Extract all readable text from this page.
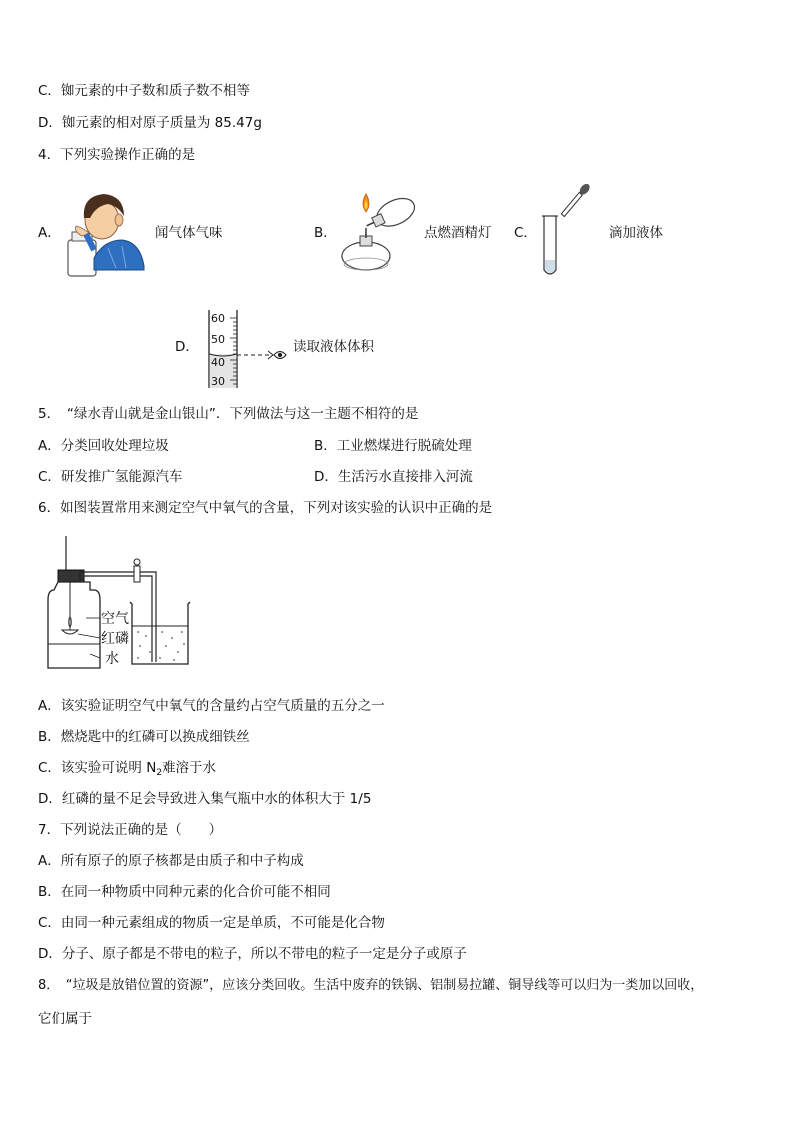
C．铷元素的中子数和质子数不相等
D．铷元素的相对原子质量为 85.47g
4．下列实验操作正确的是
A．	闻气体气味	B．	点燃酒精灯 C．	滴加液体
D．
60
50
40
30
读取液体体积
5．　“绿水青山就是金山银山”．下列做法与这一主题不相符的是
A．分类回收处理垃圾	B．工业燃煤进行脱硫处理
C．研发推广氢能源汽车	D．生活污水直接排入河流
6．如图装置常用来测定空气中氧气的含量，下列对该实验的认识中正确的是
空气
红磷
水
A．该实验证明空气中氧气的含量约占空气质量的五分之一
B．燃烧匙中的红磷可以换成细铁丝
C．该实验可说明 $N_2$难溶于水
D．红磷的量不足会导致进入集气瓶中水的体积大于 1/5
7．下列说法正确的是（　　）
A．所有原子的原子核都是由质子和中子构成
B．在同一种物质中同种元素的化合价可能不相同
C．由同一种元素组成的物质一定是单质，不可能是化合物
D．分子、原子都是不带电的粒子，所以不带电的粒子一定是分子或原子
8．　“垃圾是放错位置的资源”，应该分类回收。生活中废弃的铁锅、铝制易拉罐、铜导线等可以归为一类加以回收，
它们属于
